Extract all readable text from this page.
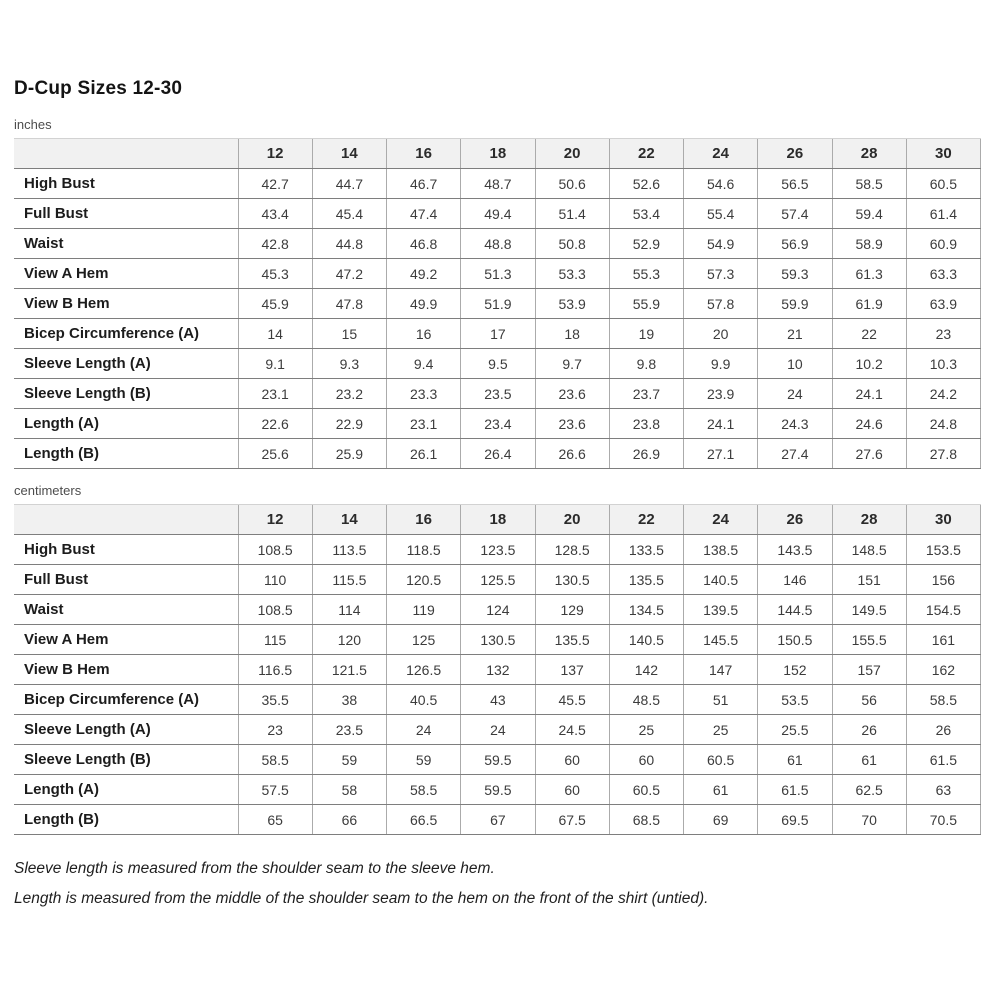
D-Cup Sizes 12-30
inches
	12	14	16	18	20	22	24	26	28	30
High Bust	42.7	44.7	46.7	48.7	50.6	52.6	54.6	56.5	58.5	60.5
Full Bust	43.4	45.4	47.4	49.4	51.4	53.4	55.4	57.4	59.4	61.4
Waist	42.8	44.8	46.8	48.8	50.8	52.9	54.9	56.9	58.9	60.9
View A Hem	45.3	47.2	49.2	51.3	53.3	55.3	57.3	59.3	61.3	63.3
View B Hem	45.9	47.8	49.9	51.9	53.9	55.9	57.8	59.9	61.9	63.9
Bicep Circumference (A)	14	15	16	17	18	19	20	21	22	23
Sleeve Length (A)	9.1	9.3	9.4	9.5	9.7	9.8	9.9	10	10.2	10.3
Sleeve Length (B)	23.1	23.2	23.3	23.5	23.6	23.7	23.9	24	24.1	24.2
Length (A)	22.6	22.9	23.1	23.4	23.6	23.8	24.1	24.3	24.6	24.8
Length (B)	25.6	25.9	26.1	26.4	26.6	26.9	27.1	27.4	27.6	27.8
centimeters
	12	14	16	18	20	22	24	26	28	30
High Bust	108.5	113.5	118.5	123.5	128.5	133.5	138.5	143.5	148.5	153.5
Full Bust	110	115.5	120.5	125.5	130.5	135.5	140.5	146	151	156
Waist	108.5	114	119	124	129	134.5	139.5	144.5	149.5	154.5
View A Hem	115	120	125	130.5	135.5	140.5	145.5	150.5	155.5	161
View B Hem	116.5	121.5	126.5	132	137	142	147	152	157	162
Bicep Circumference (A)	35.5	38	40.5	43	45.5	48.5	51	53.5	56	58.5
Sleeve Length (A)	23	23.5	24	24	24.5	25	25	25.5	26	26
Sleeve Length (B)	58.5	59	59	59.5	60	60	60.5	61	61	61.5
Length (A)	57.5	58	58.5	59.5	60	60.5	61	61.5	62.5	63
Length (B)	65	66	66.5	67	67.5	68.5	69	69.5	70	70.5

Sleeve length is measured from the shoulder seam to the sleeve hem.

Length is measured from the middle of the shoulder seam to the hem on the front of the shirt (untied).
